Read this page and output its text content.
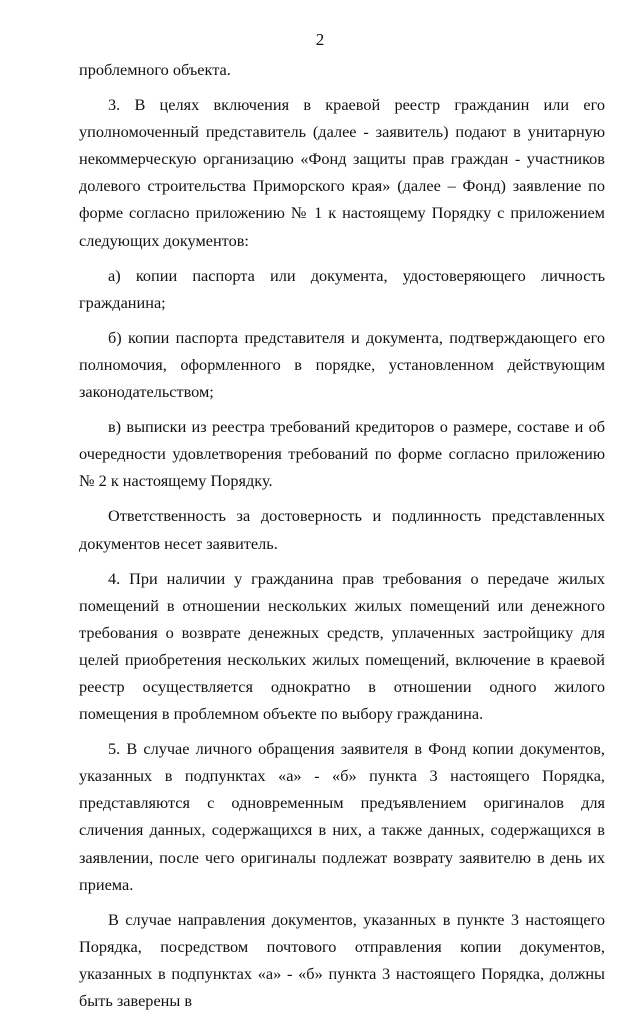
2

проблемного объекта.

3. В целях включения в краевой реестр гражданин или его уполномоченный представитель (далее - заявитель) подают в унитарную некоммерческую организацию «Фонд защиты прав граждан - участников долевого строительства Приморского края» (далее – Фонд) заявление по форме согласно приложению № 1 к настоящему Порядку с приложением следующих документов:

а) копии паспорта или документа, удостоверяющего личность гражданина;

б) копии паспорта представителя и документа, подтверждающего его полномочия, оформленного в порядке, установленном действующим законодательством;

в) выписки из реестра требований кредиторов о размере, составе и об очередности удовлетворения требований по форме согласно приложению № 2 к настоящему Порядку.

Ответственность за достоверность и подлинность представленных документов несет заявитель.

4. При наличии у гражданина прав требования о передаче жилых помещений в отношении нескольких жилых помещений или денежного требования о возврате денежных средств, уплаченных застройщику для целей приобретения нескольких жилых помещений, включение в краевой реестр осуществляется однократно в отношении одного жилого помещения в проблемном объекте по выбору гражданина.

5. В случае личного обращения заявителя в Фонд копии документов, указанных в подпунктах «а» - «б» пункта 3 настоящего Порядка, представляются с одновременным предъявлением оригиналов для сличения данных, содержащихся в них, а также данных, содержащихся в заявлении, после чего оригиналы подлежат возврату заявителю в день их приема.

В случае направления документов, указанных в пункте 3 настоящего Порядка, посредством почтового отправления копии документов, указанных в подпунктах «а» - «б» пункта 3 настоящего Порядка, должны быть заверены в
